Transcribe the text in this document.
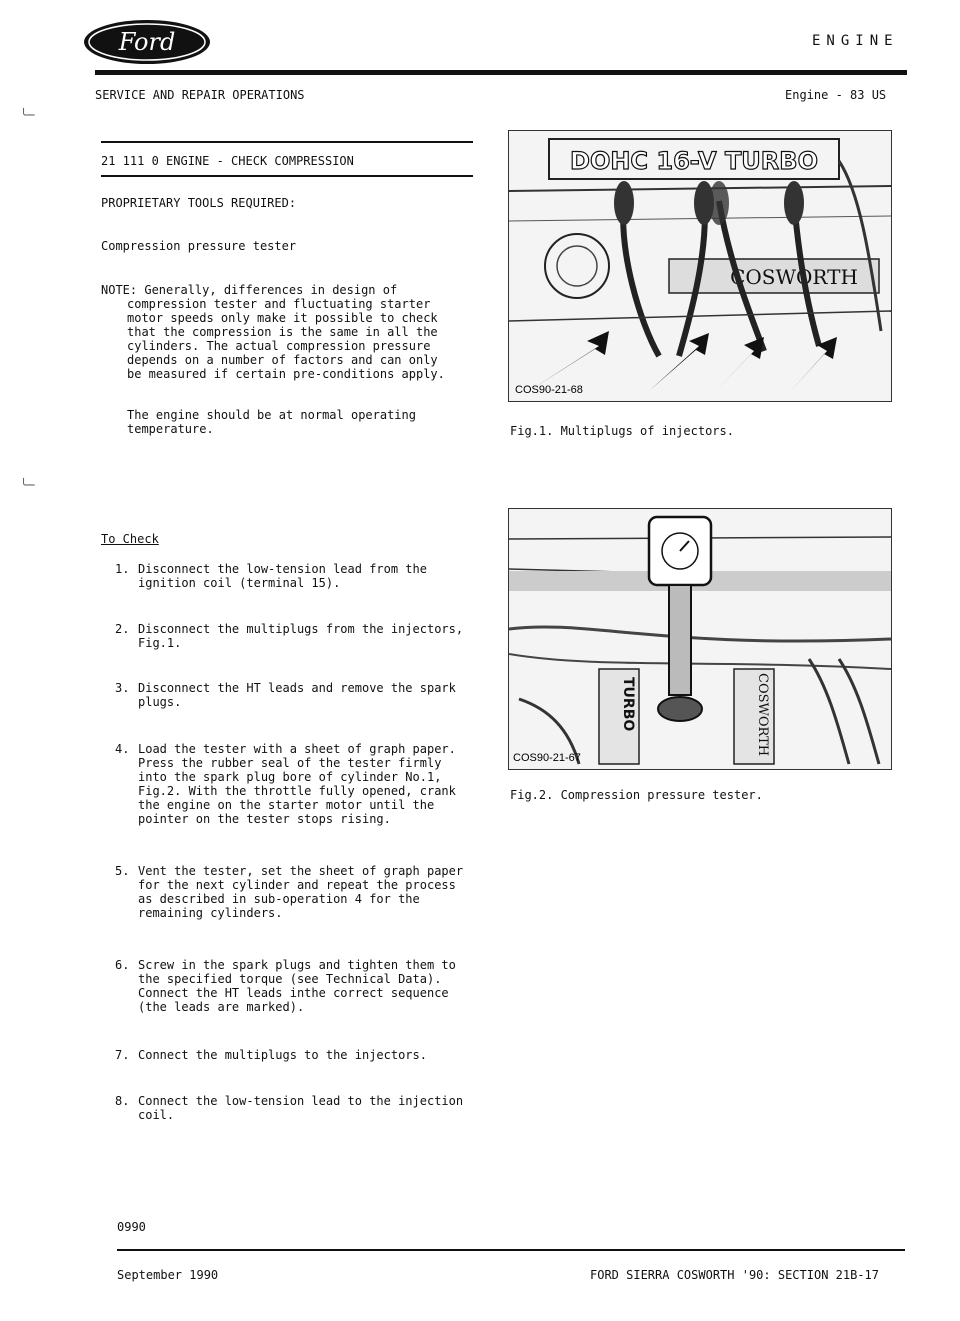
Ford	ENGINE
SERVICE AND REPAIR OPERATIONS	Engine - 83 US
╰─
╰─
21 111 0 ENGINE - CHECK COMPRESSION
PROPRIETARY TOOLS REQUIRED:
Compression pressure tester

NOTE: Generally, differences in design of

compression tester and fluctuating starter

motor speeds only make it possible to check

that the compression is the same in all the

cylinders. The actual compression pressure

depends on a number of factors and can only

be measured if certain pre-conditions apply.

The engine should be at normal operating

temperature.

To Check
1. Disconnect the low-tension lead from the
ignition coil (terminal 15).
2. Disconnect the multiplugs from the injectors,
Fig.1.
3. Disconnect the HT leads and remove the spark
plugs.
4. Load the tester with a sheet of graph paper.
Press the rubber seal of the tester firmly
into the spark plug bore of cylinder No.1,
Fig.2. With the throttle fully opened, crank
the engine on the starter motor until the
pointer on the tester stops rising.
5. Vent the tester, set the sheet of graph paper
for the next cylinder and repeat the process
as described in sub-operation 4 for the
remaining cylinders.
6. Screw in the spark plugs and tighten them to
the specified torque (see Technical Data).
Connect the HT leads inthe correct sequence
(the leads are marked).
7. Connect the multiplugs to the injectors.
8. Connect the low-tension lead to the injection
coil.
DOHC 16-V TURBO
COSWORTH
COS90-21-68
Fig.1. Multiplugs of injectors.
TURBO	COSWORTH
COS90-21-67
Fig.2. Compression pressure tester.
0990
September 1990	FORD SIERRA COSWORTH '90: SECTION 21B-17
